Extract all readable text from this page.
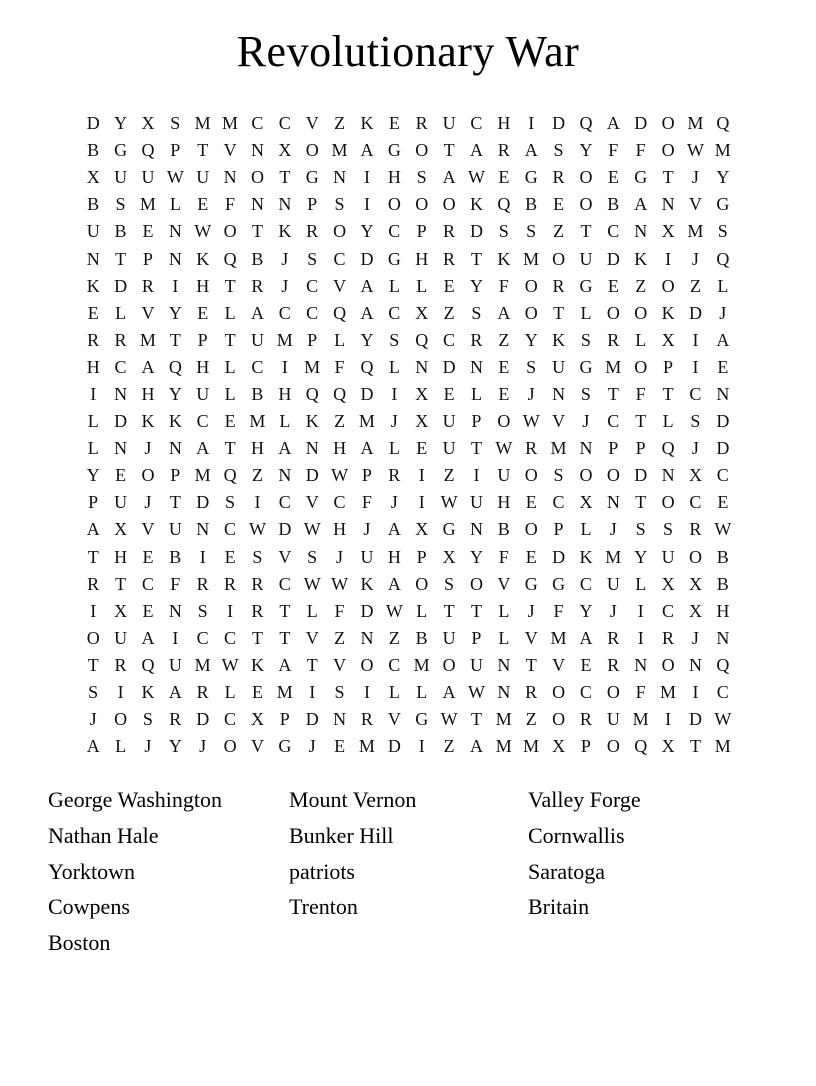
Revolutionary War
D Y X S M M C C V Z K E R U C H I D Q A D O M Q
B G Q P T V N X O M A G O T A R A S Y F F O W M
X U U W U N O T G N I H S A W E G R O E G T	J Y
B S M L E F N N P S	I O O O K Q B E O B A N V G
U B E N W O T K R O Y C P R D S S Z T C N X M S
N T P N K Q B J	S C D G H R T K M O U D K I	J Q
K D R	I H T R J C V A L L E Y F O R G E Z O Z L
E L V Y E L A C C Q A C X Z S A O T L O O K D J
R R M T P T U M P L Y S Q C R Z Y K S R L X I A
H C A Q H L C	I M F Q L N D N E S U G M O P	I	E
I N H Y U L B H Q Q D I X E L E	J N S T F T C N
L D K K C E M L K Z M J X U P O W V J C T L S D
L N J N A T H A N H A L E U T W R M N P P Q J D
Y E O P M Q Z N D W P R	I	Z	I U O S O O D N X C
P U J	T D S	I	C V C F	J	I W U H E C X N T O C E
A X V U N C W D W H J A X G N B O P L	J	S S R W
T H E B	I	E S V S	J U H P X Y F E D K M Y U O B
R T C F R R R C W W K A O S O V G G C U L X X B
I X E N S	I	R T L F D W L T T L	J	F Y J	I	C X H
O U A I	C C T T V Z N Z B U P L V M A R	I	R J N
T R Q U M W K A T V O C M O U N T V E R N O N Q
S	I K A R L E M I	S	I	L L A W N R O C O F M I	C
J O S R D C X P D N R V G W T M Z O R U M I D W
A L	J Y J O V G J	E M D I	Z A M M X P O Q X T M
George Washington
Nathan Hale
Yorktown
Cowpens
Boston
Mount Vernon
Bunker Hill
patriots
Trenton
Valley Forge
Cornwallis
Saratoga
Britain
